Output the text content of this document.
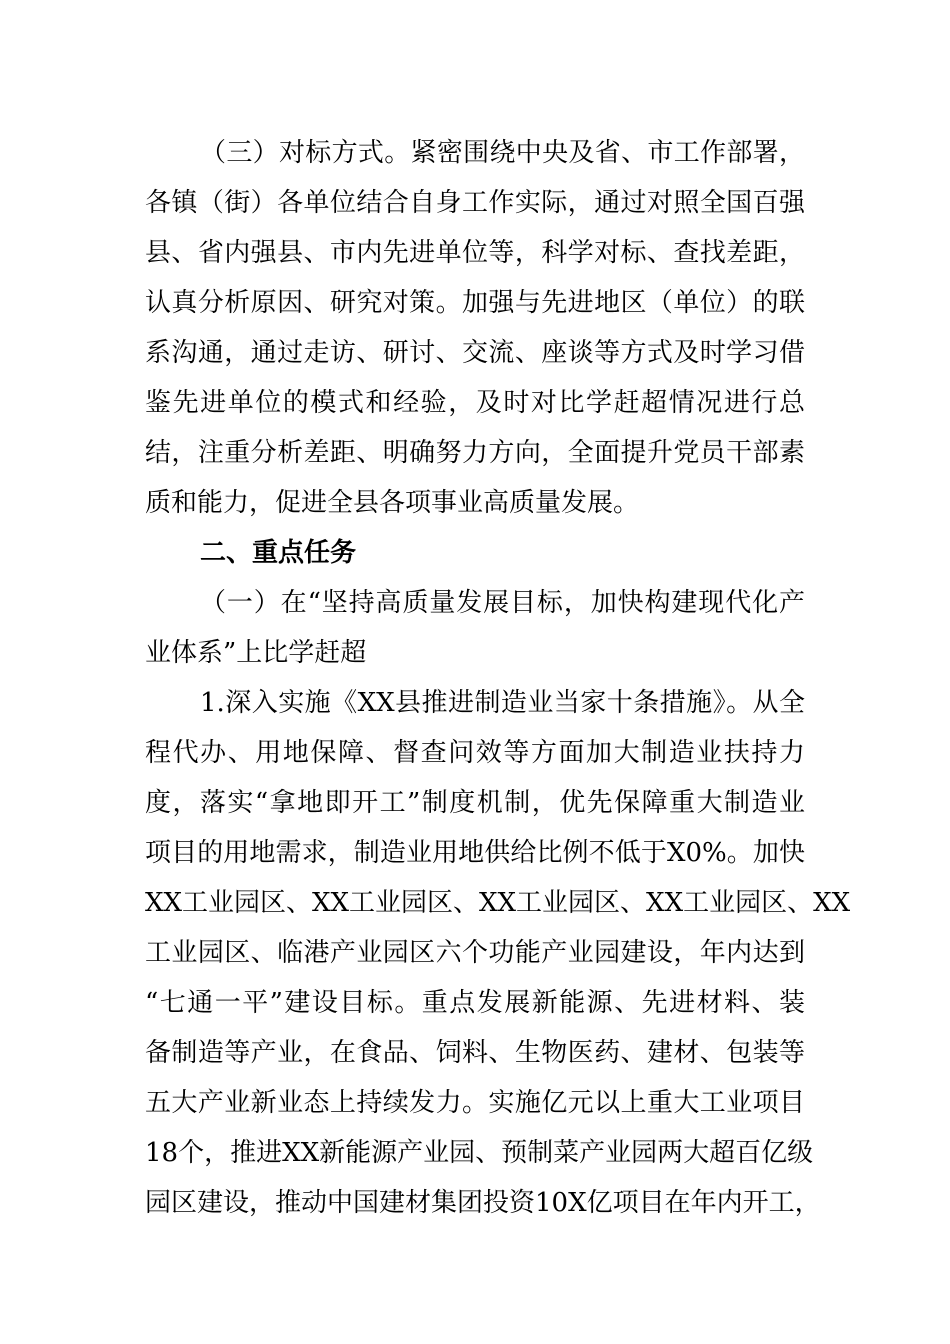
（三）对标方式。紧密围绕中央及省、市工作部署，
各镇（街）各单位结合自身工作实际，通过对照全国百强
县、省内强县、市内先进单位等，科学对标、查找差距，
认真分析原因、研究对策。加强与先进地区（单位）的联
系沟通，通过走访、研讨、交流、座谈等方式及时学习借
鉴先进单位的模式和经验，及时对比学赶超情况进行总
结，注重分析差距、明确努力方向，全面提升党员干部素
质和能力，促进全县各项事业高质量发展。
二、重点任务
（一）在“坚持高质量发展目标，加快构建现代化产
业体系”上比学赶超
1.深入实施《XX县推进制造业当家十条措施》。从全
程代办、用地保障、督查问效等方面加大制造业扶持力
度，落实“拿地即开工”制度机制，优先保障重大制造业
项目的用地需求，制造业用地供给比例不低于X0%。加快
XX工业园区、XX工业园区、XX工业园区、XX工业园区、XX
工业园区、临港产业园区六个功能产业园建设，年内达到
“七通一平”建设目标。重点发展新能源、先进材料、装
备制造等产业，在食品、饲料、生物医药、建材、包装等
五大产业新业态上持续发力。实施亿元以上重大工业项目
18个，推进XX新能源产业园、预制菜产业园两大超百亿级
园区建设，推动中国建材集团投资10X亿项目在年内开工，
